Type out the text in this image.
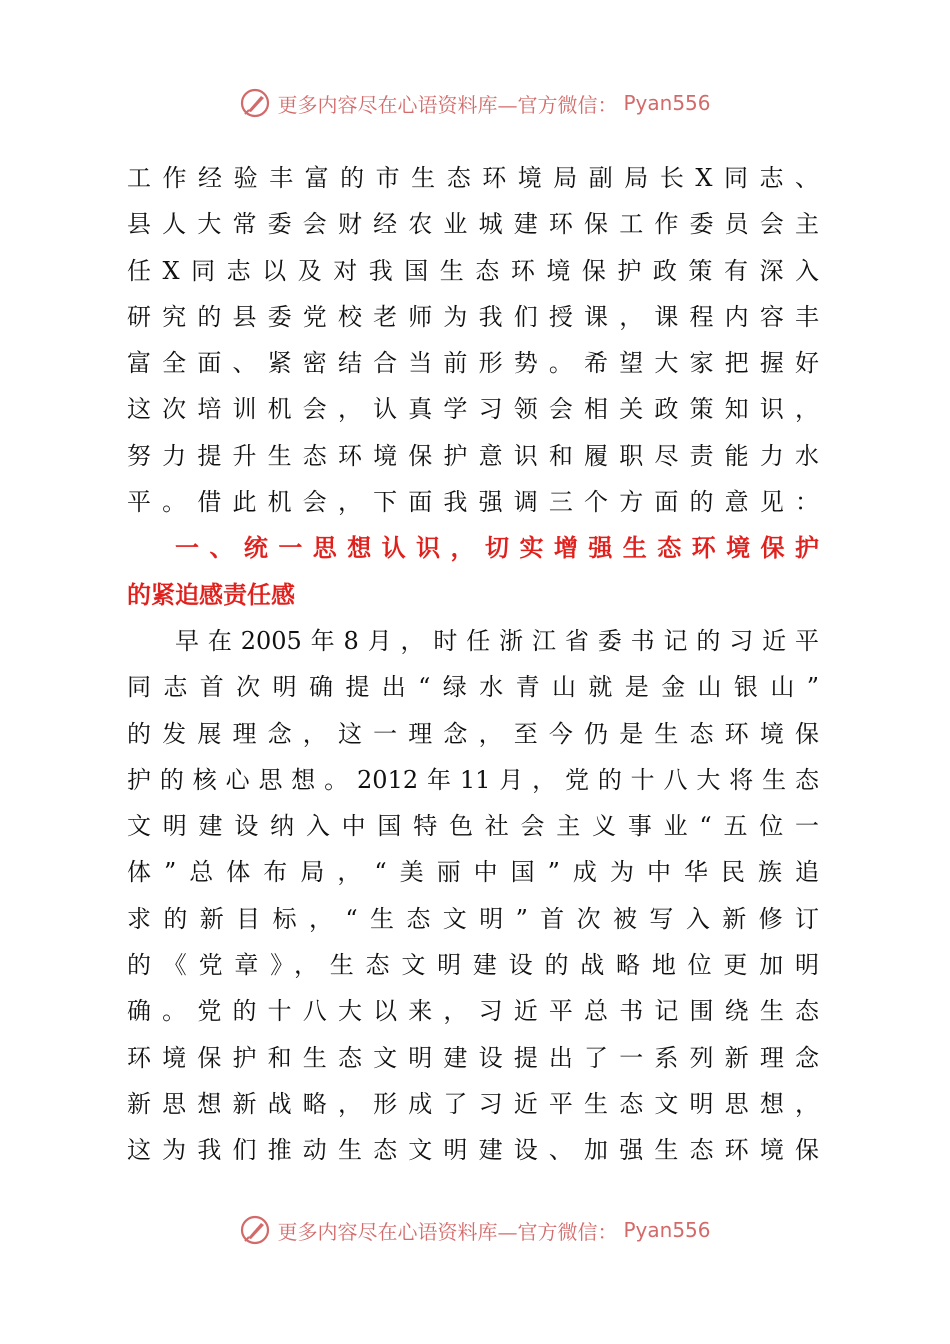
更多内容尽在心语资料库—官方微信： Pyan556
工作经验丰富的市生态环境局副局长X同志、
县人大常委会财经农业城建环保工作委员会主
任X同志以及对我国生态环境保护政策有深入
研究的县委党校老师为我们授课，课程内容丰
富全面、紧密结合当前形势。希望大家把握好
这次培训机会，认真学习领会相关政策知识，
努力提升生态环境保护意识和履职尽责能力水
平。借此机会，下面我强调三个方面的意见：
一、统一思想认识，切实增强生态环境保护
的紧迫感责任感
早在2005年8月，时任浙江省委书记的习近平
同志首次明确提出“绿水青山就是金山银山”
的发展理念，这一理念，至今仍是生态环境保
护的核心思想。2012年11月，党的十八大将生态
文明建设纳入中国特色社会主义事业“五位一
体”总体布局，“美丽中国”成为中华民族追
求的新目标，“生态文明”首次被写入新修订
的《党章》，生态文明建设的战略地位更加明
确。党的十八大以来，习近平总书记围绕生态
环境保护和生态文明建设提出了一系列新理念
新思想新战略，形成了习近平生态文明思想，
这为我们推动生态文明建设、加强生态环境保
更多内容尽在心语资料库—官方微信： Pyan556
